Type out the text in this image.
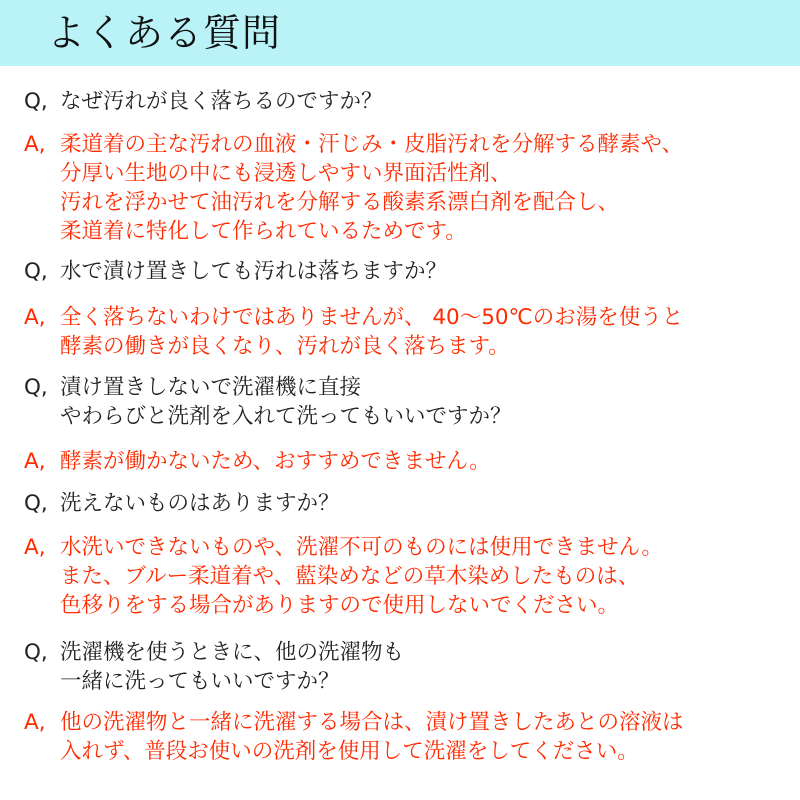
よくある質問
Q, なぜ汚れが良く落ちるのですか？
A, 柔道着の主な汚れの血液・汗じみ・皮脂汚れを分解する酵素や、
分厚い生地の中にも浸透しやすい界面活性剤、
汚れを浮かせて油汚れを分解する酸素系漂白剤を配合し、
柔道着に特化して作られているためです。
Q, 水で漬け置きしても汚れは落ちますか？
A, 全く落ちないわけではありませんが、 40～50℃のお湯を使うと
酵素の働きが良くなり、汚れが良く落ちます。
Q, 漬け置きしないで洗濯機に直接
やわらびと洗剤を入れて洗ってもいいですか？
A, 酵素が働かないため、おすすめできません。
Q, 洗えないものはありますか？
A, 水洗いできないものや、洗濯不可のものには使用できません。
また、ブルー柔道着や、藍染めなどの草木染めしたものは、
色移りをする場合がありますので使用しないでください。
Q, 洗濯機を使うときに、他の洗濯物も
一緒に洗ってもいいですか？
A, 他の洗濯物と一緒に洗濯する場合は、漬け置きしたあとの溶液は
入れず、普段お使いの洗剤を使用して洗濯をしてください。
